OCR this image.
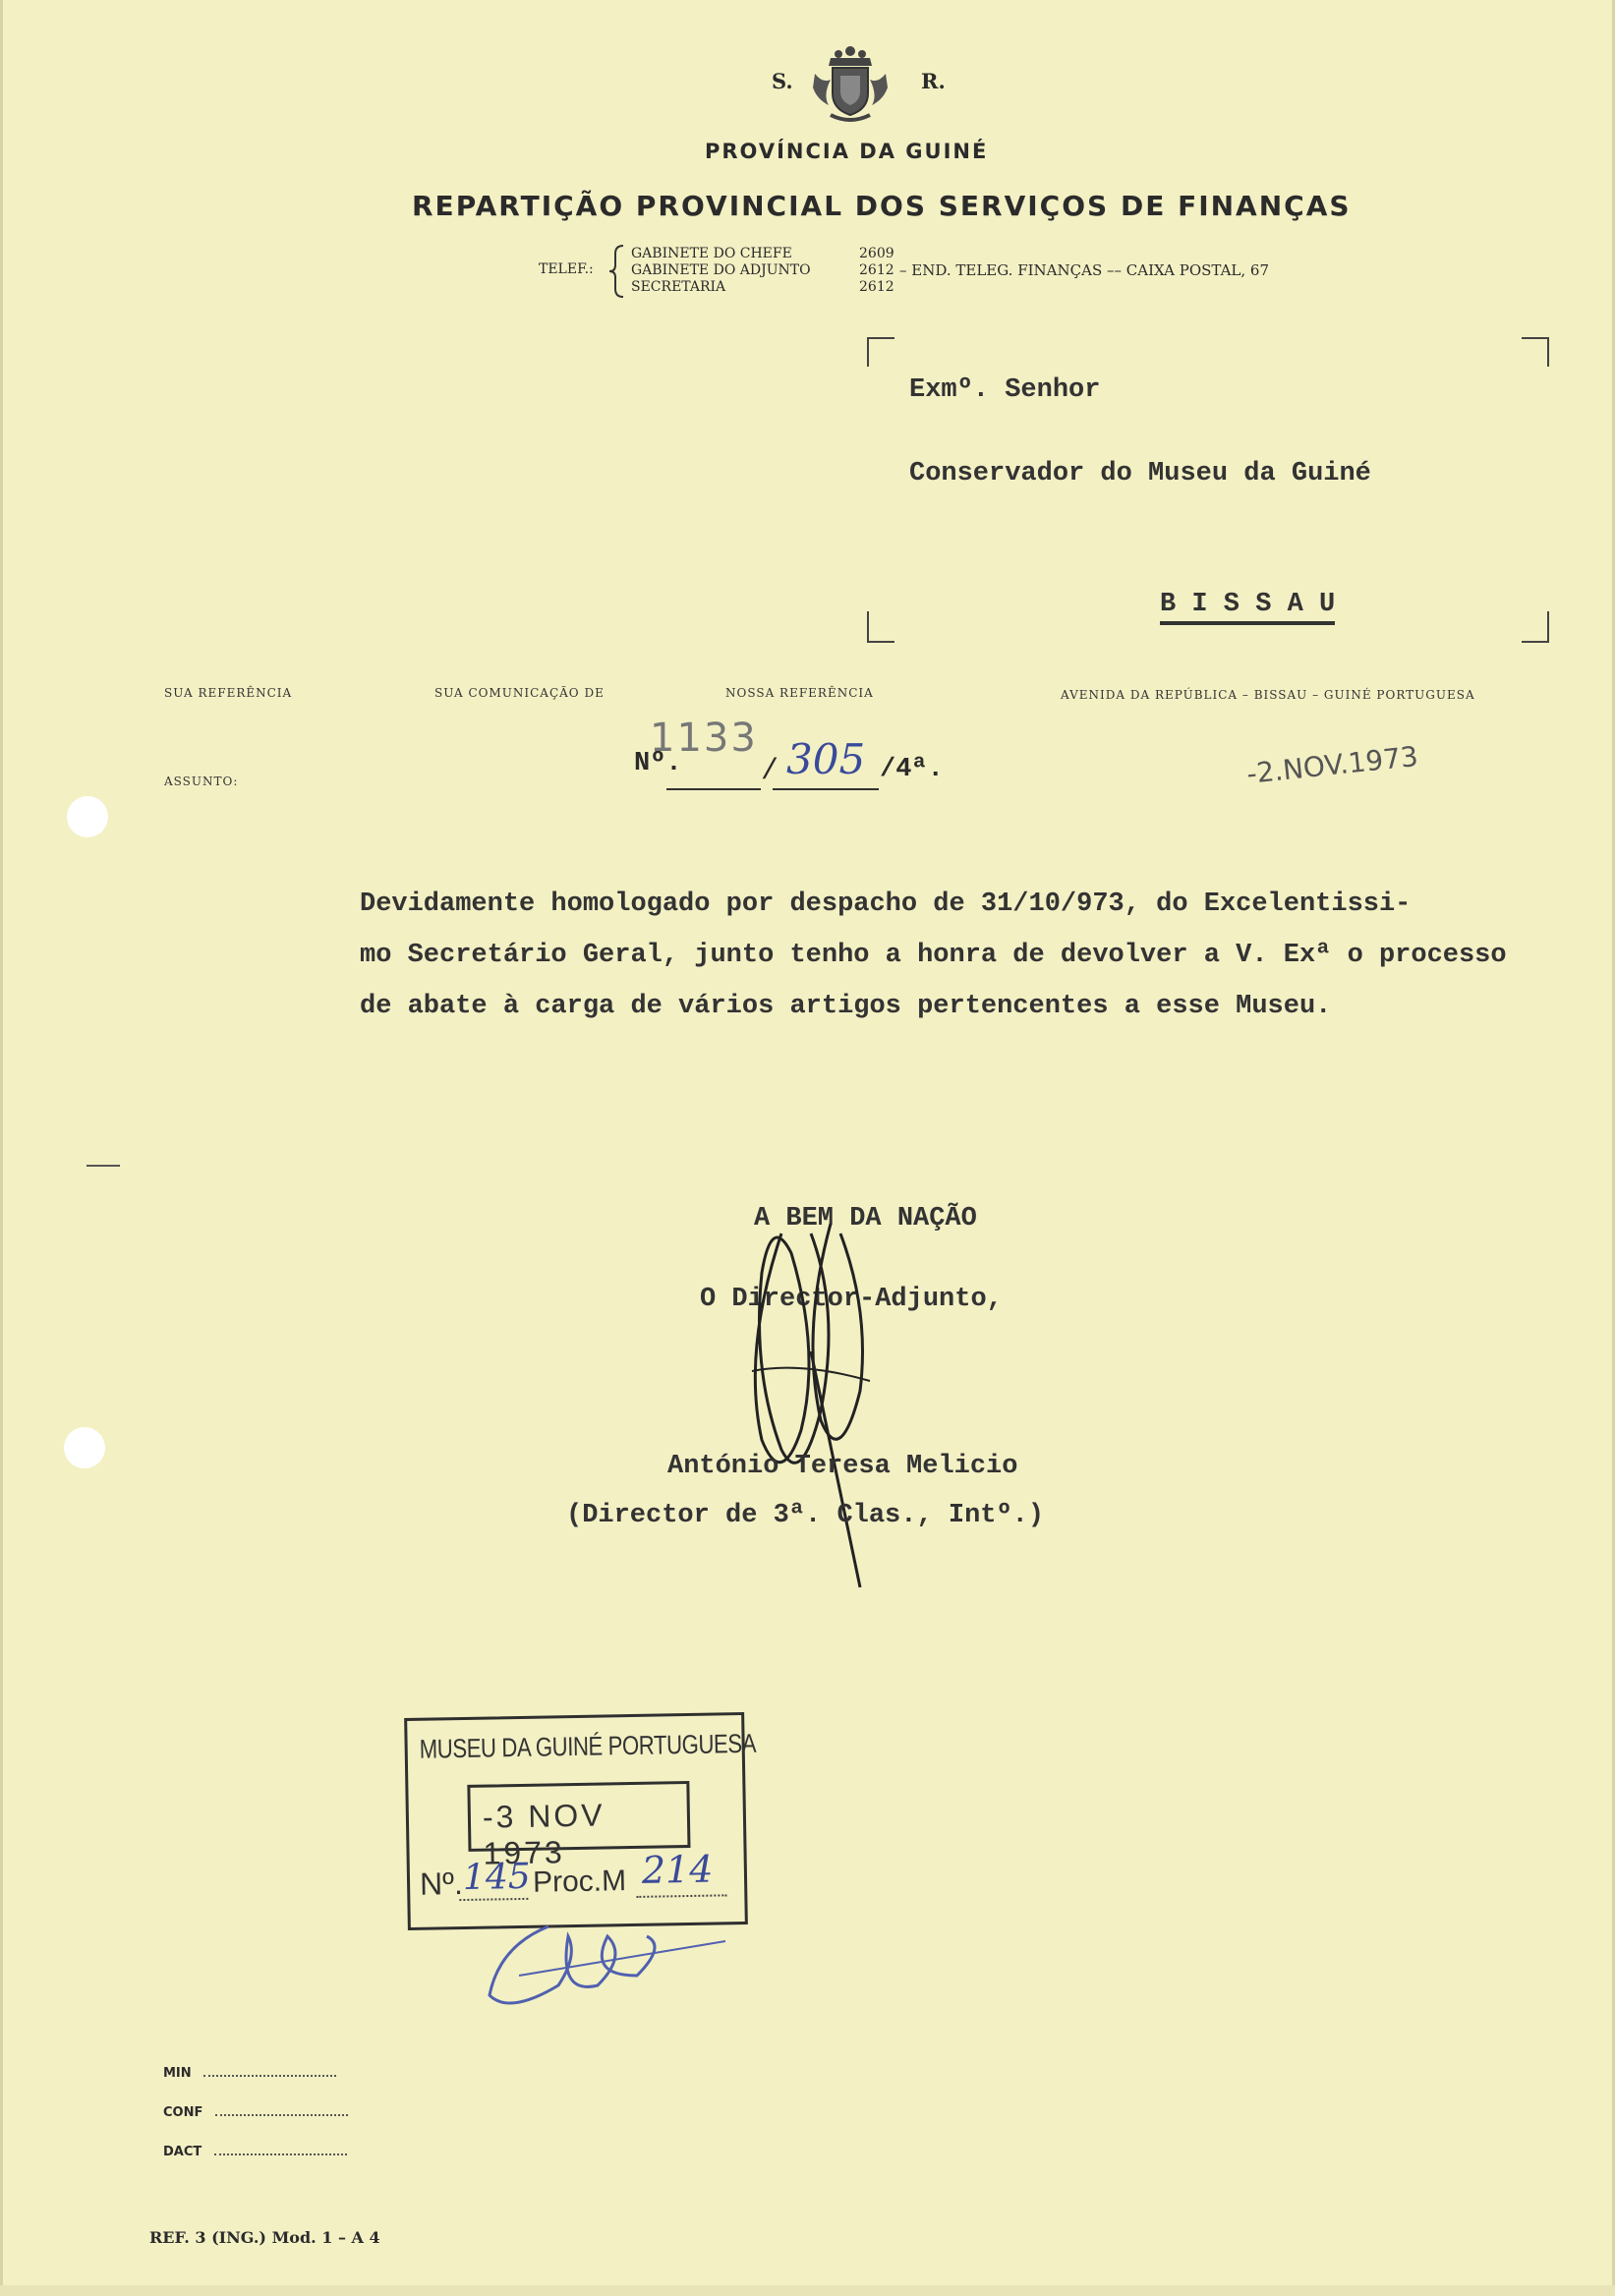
S.	R.
PROVÍNCIA DA GUINÉ
REPARTIÇÃO PROVINCIAL DOS SERVIÇOS DE FINANÇAS
TELEF.:
GABINETE DO CHEFE	2609
GABINETE DO ADJUNTO	2612
SECRETARIA	2612
– END. TELEG. FINANÇAS –– CAIXA POSTAL, 67
Exmº. Senhor
Conservador do Museu da Guiné
B I S S A U
SUA REFERÊNCIA	SUA COMUNICAÇÃO DE	NOSSA REFERÊNCIA	AVENIDA DA REPÚBLICA – BISSAU – GUINÉ PORTUGUESA
ASSUNTO:
Nº.	/
1133 305 /4ª.	-2.NOV.1973
Devidamente homologado por despacho de 31/10/973, do Excelentissi-
mo Secretário Geral, junto tenho a honra de devolver a V. Exª o processo
de abate à carga de vários artigos pertencentes a esse Museu.
A BEM DA NAÇÃO
O Director-Adjunto,
António Teresa Melicio
(Director de 3ª. Clas., Intº.)
MUSEU DA GUINÉ PORTUGUESA
-3 NOV 1973
Nº. 145 Proc.M 214
MIN
CONF
DACT
REF. 3 (ING.) Mod. 1 – A 4
